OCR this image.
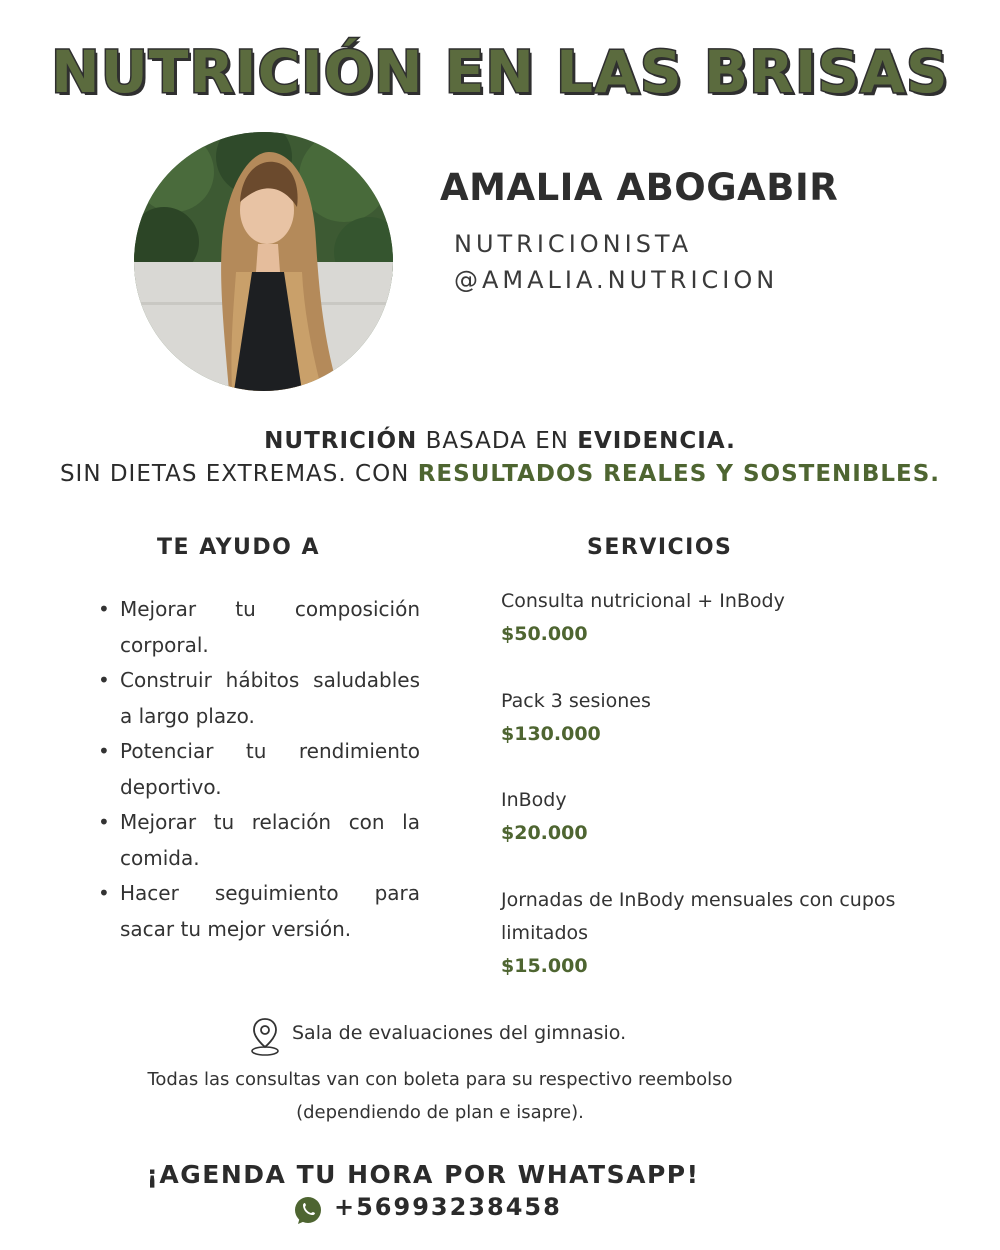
NUTRICIÓN EN LAS BRISAS
AMALIA ABOGABIR
NUTRICIONISTA
@AMALIA.NUTRICION
NUTRICIÓN BASADA EN EVIDENCIA.
SIN DIETAS EXTREMAS. CON RESULTADOS REALES Y SOSTENIBLES.
TE AYUDO A	SERVICIOS
• Mejorar tu composición corporal.
• Construir hábitos saludables a largo plazo.
• Potenciar tu rendimiento deportivo.
• Mejorar tu relación con la comida.
• Hacer seguimiento para sacar tu mejor versión.
Consulta nutricional + InBody
$50.000
Pack 3 sesiones
$130.000
InBody
$20.000
Jornadas de InBody mensuales con cupos limitados
$15.000
Sala de evaluaciones del gimnasio.
Todas las consultas van con boleta para su respectivo reembolso
(dependiendo de plan e isapre).
¡AGENDA TU HORA POR WHATSAPP!
+56993238458
